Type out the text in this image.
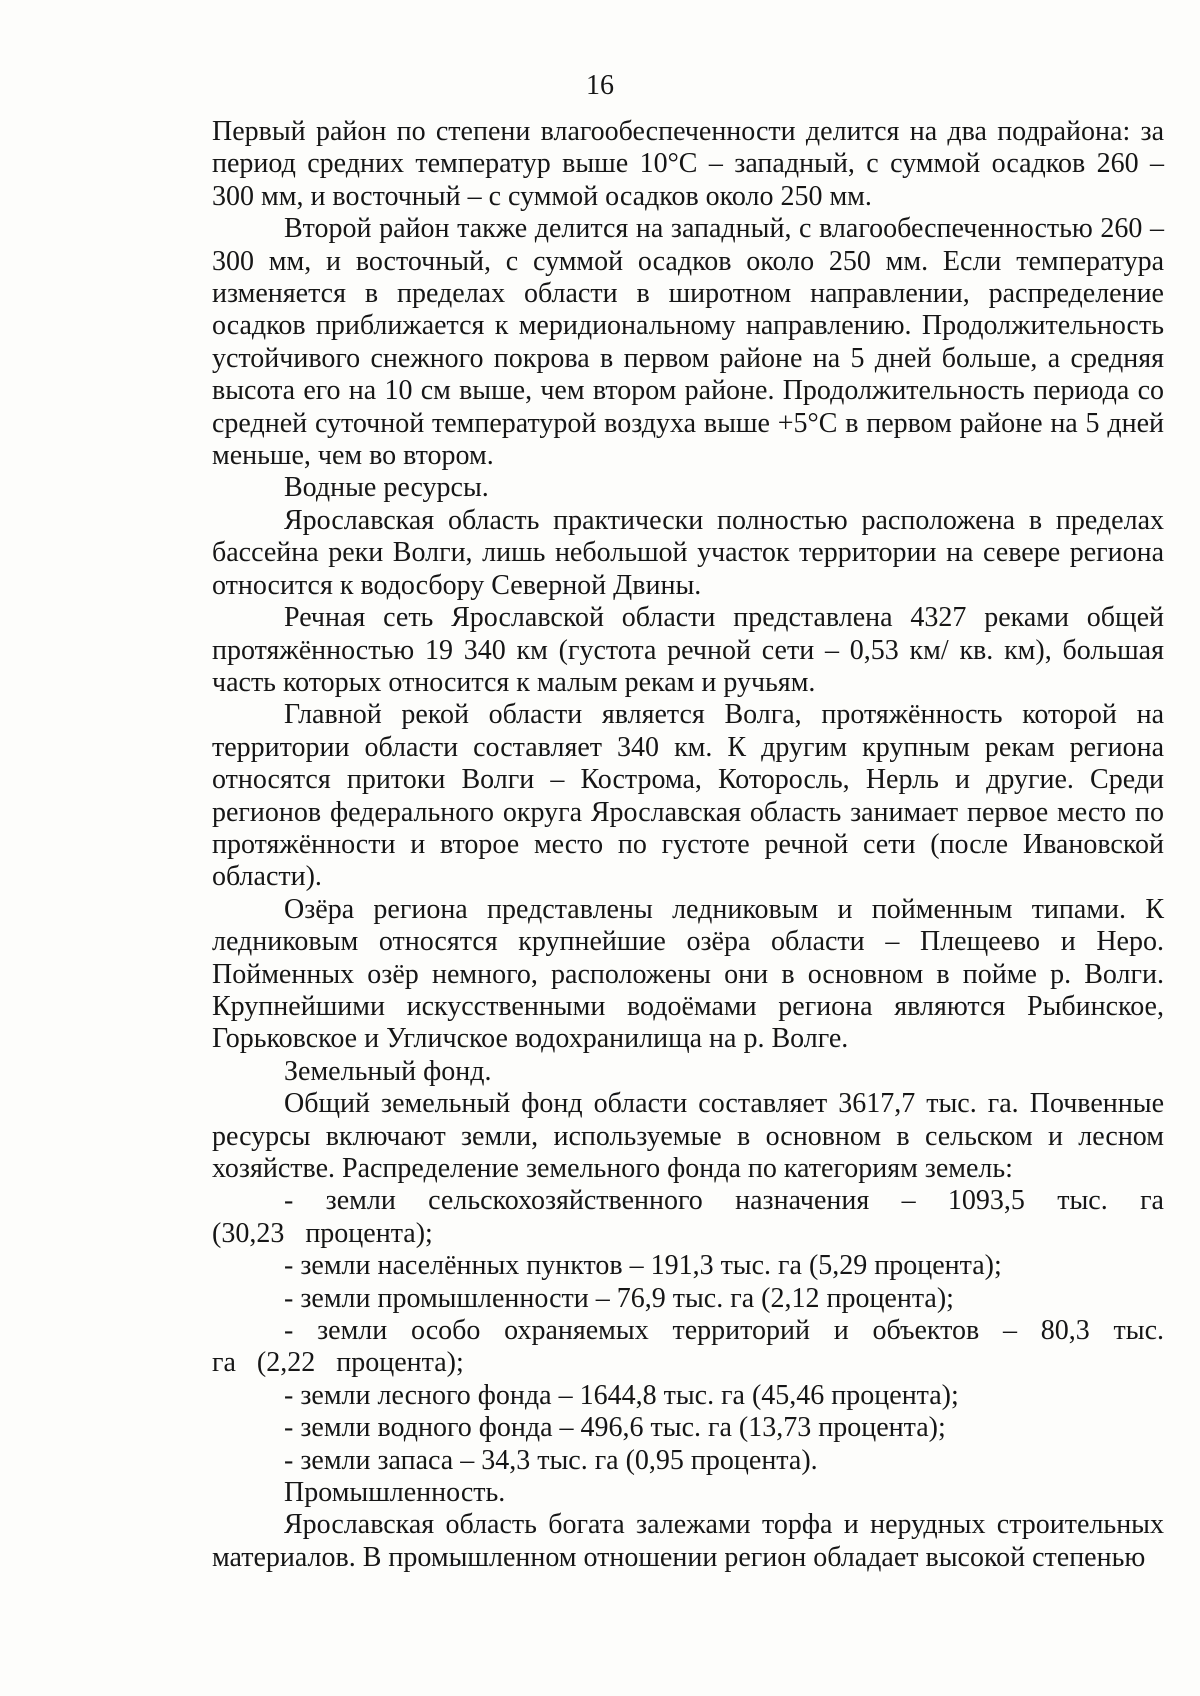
16

Первый район по степени влагообеспеченности делится на два подрайона: за период средних температур выше 10°С – западный, с суммой осадков 260 – 300 мм, и восточный – с суммой осадков около 250 мм.

Второй район также делится на западный, с влагообеспеченностью 260 – 300 мм, и восточный, с суммой осадков около 250 мм. Если температура изменяется в пределах области в широтном направлении, распределение осадков приближается к меридиональному направлению. Продолжительность устойчивого снежного покрова в первом районе на 5 дней больше, а средняя высота его на 10 см выше, чем втором районе. Продолжительность периода со средней суточной температурой воздуха выше +5°С в первом районе на 5 дней меньше, чем во втором.

Водные ресурсы.

Ярославская область практически полностью расположена в пределах бассейна реки Волги, лишь небольшой участок территории на севере региона относится к водосбору Северной Двины.

Речная сеть Ярославской области представлена 4327 реками общей протяжённостью 19 340 км (густота речной сети – 0,53 км/ кв. км), большая часть которых относится к малым рекам и ручьям.

Главной рекой области является Волга, протяжённость которой на территории области составляет 340 км. К другим крупным рекам региона относятся притоки Волги – Кострома, Которосль, Нерль и другие. Среди регионов федерального округа Ярославская область занимает первое место по протяжённости и второе место по густоте речной сети (после Ивановской области).

Озёра региона представлены ледниковым и пойменным типами. К ледниковым относятся крупнейшие озёра области – Плещеево и Неро. Пойменных озёр немного, расположены они в основном в пойме р. Волги. Крупнейшими искусственными водоёмами региона являются Рыбинское, Горьковское и Угличское водохранилища на р. Волге.

Земельный фонд.

Общий земельный фонд области составляет 3617,7 тыс. га. Почвенные ресурсы включают земли, используемые в основном в сельском и лесном хозяйстве. Распределение земельного фонда по категориям земель:

- земли сельскохозяйственного назначения – 1093,5 тыс. га (30,23 процента);

- земли населённых пунктов – 191,3 тыс. га (5,29 процента);

- земли промышленности – 76,9 тыс. га (2,12 процента);

- земли особо охраняемых территорий и объектов – 80,3 тыс. га (2,22 процента);

- земли лесного фонда – 1644,8 тыс. га (45,46 процента);

- земли водного фонда – 496,6 тыс. га (13,73 процента);

- земли запаса – 34,3 тыс. га (0,95 процента).

Промышленность.

Ярославская область богата залежами торфа и нерудных строительных материалов. В промышленном отношении регион обладает высокой степенью
